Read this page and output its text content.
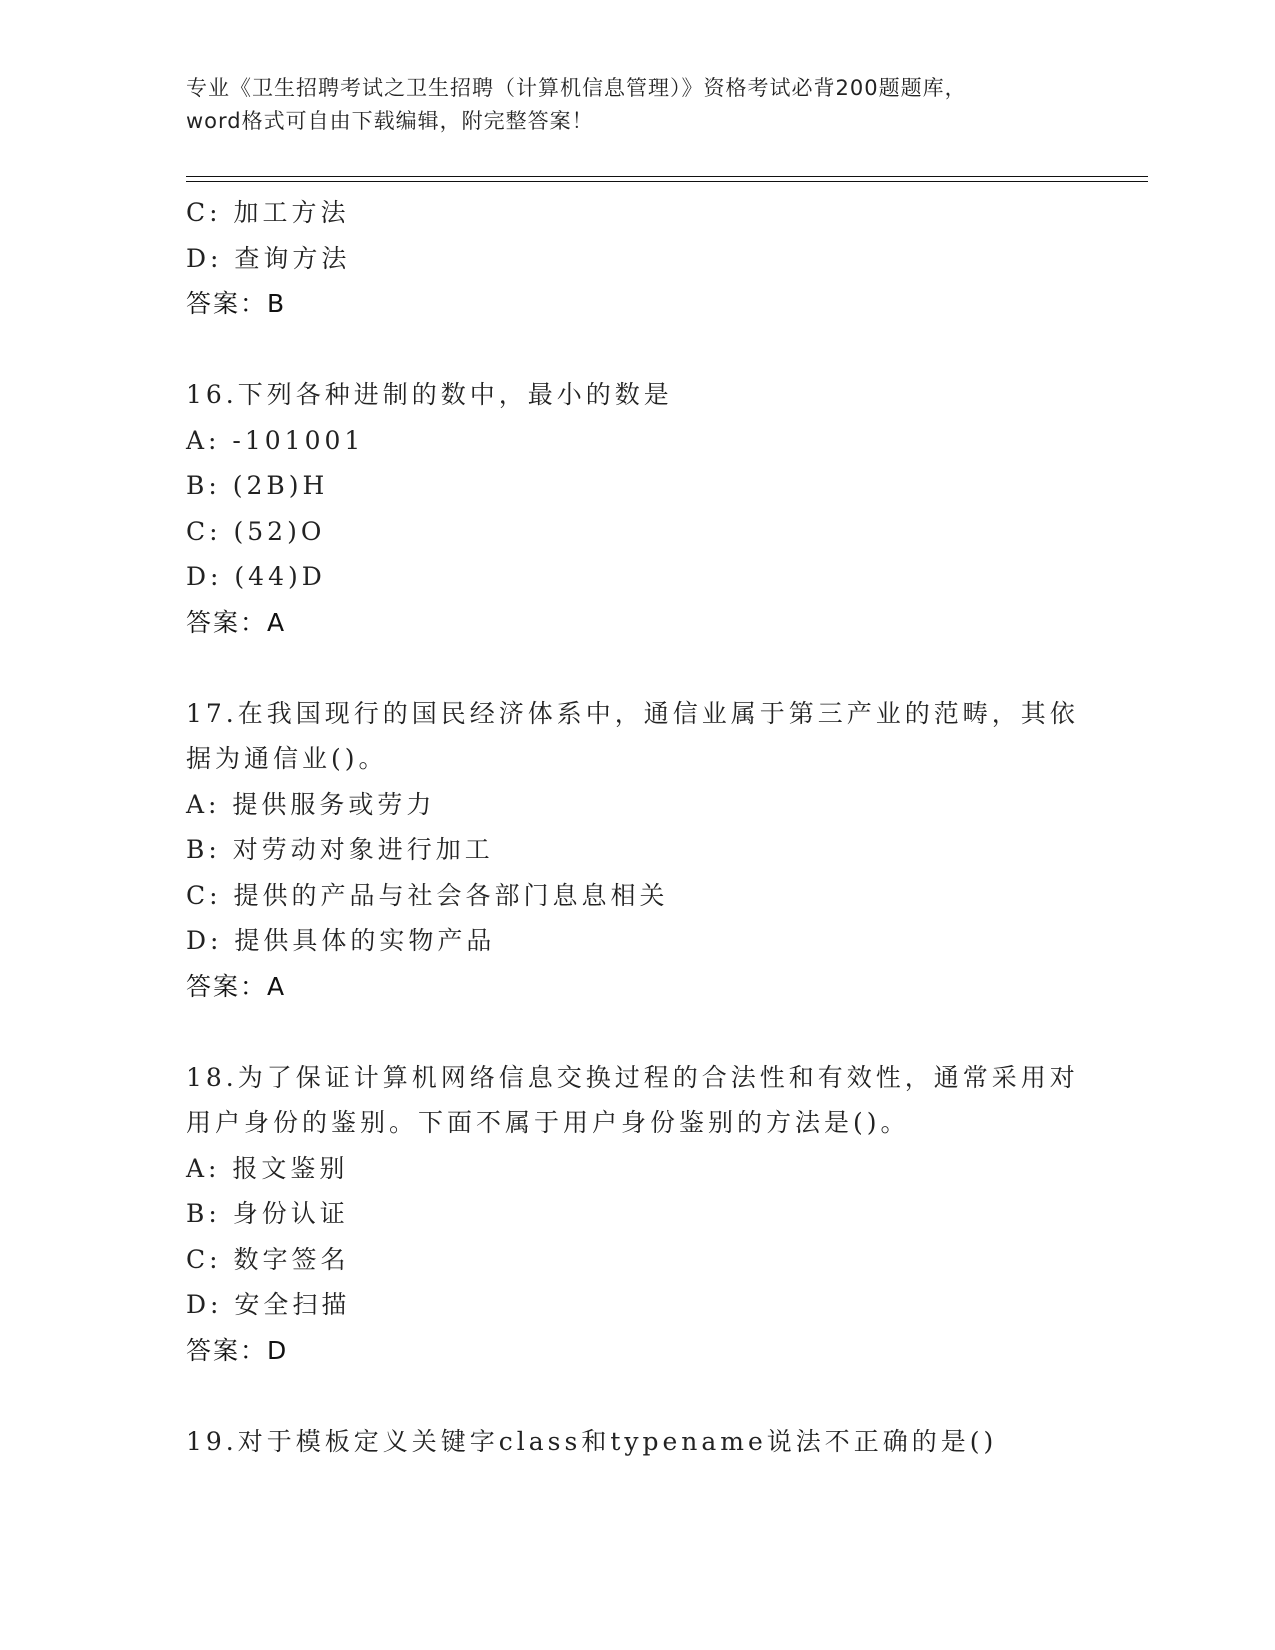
专业《卫生招聘考试之卫生招聘（计算机信息管理）》资格考试必背200题题库，
word格式可自由下载编辑，附完整答案！
C: 加工方法
D: 查询方法
答案：B
16.下列各种进制的数中，最小的数是
A: -101001
B: (2B)H
C: (52)O
D: (44)D
答案：A
17.在我国现行的国民经济体系中，通信业属于第三产业的范畴，其依
据为通信业()。
A: 提供服务或劳力
B: 对劳动对象进行加工
C: 提供的产品与社会各部门息息相关
D: 提供具体的实物产品
答案：A
18.为了保证计算机网络信息交换过程的合法性和有效性，通常采用对
用户身份的鉴别。下面不属于用户身份鉴别的方法是()。
A: 报文鉴别
B: 身份认证
C: 数字签名
D: 安全扫描
答案：D
19.对于模板定义关键字class和typename说法不正确的是()
